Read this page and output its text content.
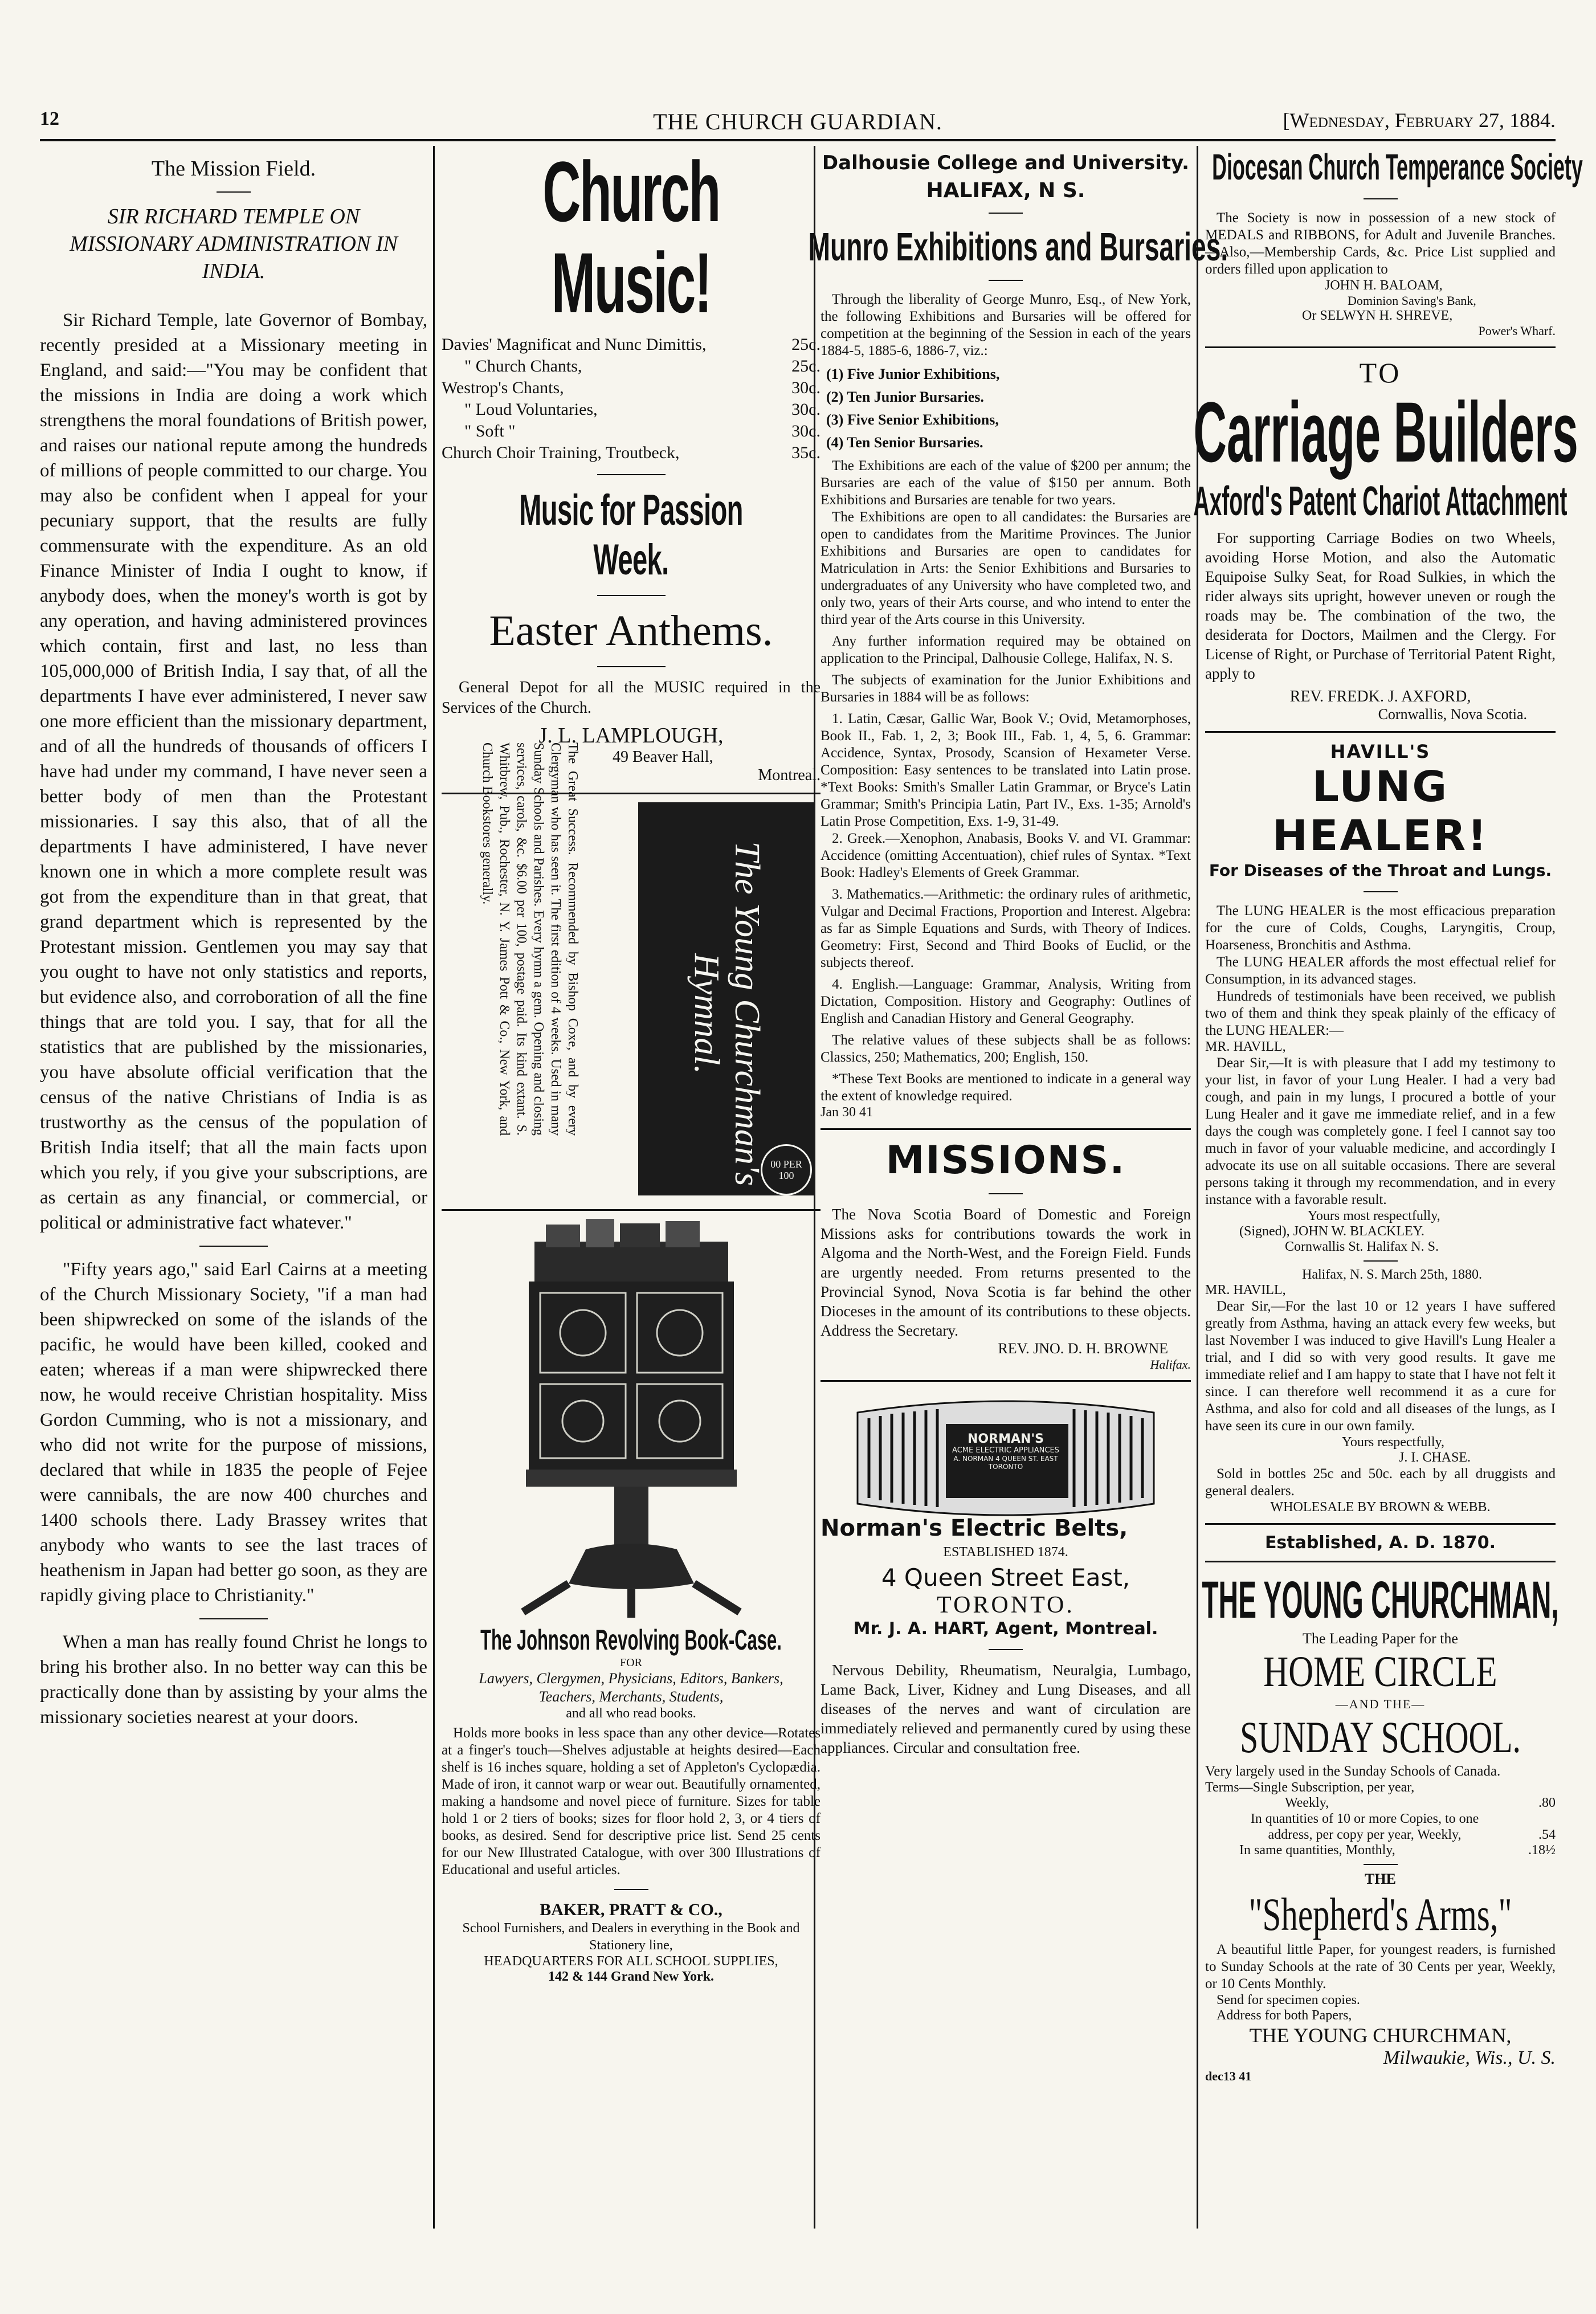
12	THE CHURCH GUARDIAN.	[Wednesday, February 27, 1884.
The Mission Field.
SIR RICHARD TEMPLE ON MISSIONARY ADMINISTRATION IN INDIA.

Sir Richard Temple, late Governor of Bombay, recently presided at a Missionary meeting in England, and said:—"You may be confident that the missions in India are doing a work which strengthens the moral foundations of British power, and raises our national repute among the hundreds of millions of people committed to our charge. You may also be confident when I appeal for your pecuniary support, that the results are fully commensurate with the expenditure. As an old Finance Minister of India I ought to know, if anybody does, when the money's worth is got by any operation, and having administered provinces which contain, first and last, no less than 105,000,000 of British India, I say that, of all the departments I have ever administered, I never saw one more efficient than the missionary department, and of all the hundreds of thousands of officers I have had under my command, I have never seen a better body of men than the Protestant missionaries. I say this also, that of all the departments I have administered, I have never known one in which a more complete result was got from the expenditure than in that great, that grand department which is represented by the Protestant mission. Gentlemen you may say that you ought to have not only statistics and reports, but evidence also, and corroboration of all the fine things that are told you. I say, that for all the statistics that are published by the missionaries, you have absolute official verification that the census of the native Christians of India is as trustworthy as the census of the population of British India itself; that all the main facts upon which you rely, if you give your subscriptions, are as certain as any financial, or commercial, or political or administrative fact whatever."

"Fifty years ago," said Earl Cairns at a meeting of the Church Missionary Society, "if a man had been shipwrecked on some of the islands of the pacific, he would have been killed, cooked and eaten; whereas if a man were shipwrecked there now, he would receive Christian hospitality. Miss Gordon Cumming, who is not a missionary, and who did not write for the purpose of missions, declared that while in 1835 the people of Fejee were cannibals, the are now 400 churches and 1400 schools there. Lady Brassey writes that anybody who wants to see the last traces of heathenism in Japan had better go soon, as they are rapidly giving place to Christianity."

When a man has really found Christ he longs to bring his brother also. In no better way can this be practically done than by assisting by your alms the missionary societies nearest at your doors.

Church Music!
Davies' Magnificat and Nunc Dimittis,	25c.
" Church Chants,	25c.
Westrop's Chants,	30c.
" Loud Voluntaries,	30c.
" Soft "	30c.
Church Choir Training, Troutbeck,	35c.
Music for Passion Week.
Easter Anthems.

General Depot for all the MUSIC required in the Services of the Church.

J. L. LAMPLOUGH,
49 Beaver Hall,
Montreal.
The Young Churchman's Hymnal.
00 PER 100
The Great Success. Recommended by Bishop Coxe, and by every Clergyman who has seen it. The first edition of 4 weeks. Used in many Sunday Schools and Parishes. Every hymn a gem. Opening and closing services, carols, &c. $6.00 per 100, postage paid. Its kind extant. S. Whitbrew, Pub., Rochester, N. Y. James Pott & Co., New York, and Church Bookstores generally.
The Johnson Revolving Book-Case.
FOR
Lawyers, Clergymen, Physicians, Editors, Bankers, Teachers, Merchants, Students,
and all who read books.

Holds more books in less space than any other device—Rotates at a finger's touch—Shelves adjustable at heights desired—Each shelf is 16 inches square, holding a set of Appleton's Cyclopædia. Made of iron, it cannot warp or wear out. Beautifully ornamented, making a handsome and novel piece of furniture. Sizes for table hold 1 or 2 tiers of books; sizes for floor hold 2, 3, or 4 tiers of books, as desired. Send for descriptive price list. Send 25 cents for our New Illustrated Catalogue, with over 300 Illustrations of Educational and useful articles.

BAKER, PRATT & CO.,
School Furnishers, and Dealers in everything in the Book and Stationery line,
HEADQUARTERS FOR ALL SCHOOL SUPPLIES,
142 & 144 Grand New York.
Dalhousie College and University.
HALIFAX, N S.
Munro Exhibitions and Bursaries.

Through the liberality of George Munro, Esq., of New York, the following Exhibitions and Bursaries will be offered for competition at the beginning of the Session in each of the years 1884-5, 1885-6, 1886-7, viz.:

(1) Five Junior Exhibitions,
(2) Ten Junior Bursaries.
(3) Five Senior Exhibitions,
(4) Ten Senior Bursaries.

The Exhibitions are each of the value of $200 per annum; the Bursaries are each of the value of $150 per annum. Both Exhibitions and Bursaries are tenable for two years.

The Exhibitions are open to all candidates: the Bursaries are open to candidates from the Maritime Provinces. The Junior Exhibitions and Bursaries are open to candidates for Matriculation in Arts: the Senior Exhibitions and Bursaries to undergraduates of any University who have completed two, and only two, years of their Arts course, and who intend to enter the third year of the Arts course in this University.

Any further information required may be obtained on application to the Principal, Dalhousie College, Halifax, N. S.

The subjects of examination for the Junior Exhibitions and Bursaries in 1884 will be as follows:

1. Latin, Cæsar, Gallic War, Book V.; Ovid, Metamorphoses, Book II., Fab. 1, 2, 3; Book III., Fab. 1, 4, 5, 6. Grammar: Accidence, Syntax, Prosody, Scansion of Hexameter Verse. Composition: Easy sentences to be translated into Latin prose. *Text Books: Smith's Smaller Latin Grammar, or Bryce's Latin Grammar; Smith's Principia Latin, Part IV., Exs. 1-35; Arnold's Latin Prose Competition, Exs. 1-9, 31-49.

2. Greek.—Xenophon, Anabasis, Books V. and VI. Grammar: Accidence (omitting Accentuation), chief rules of Syntax. *Text Book: Hadley's Elements of Greek Grammar.

3. Mathematics.—Arithmetic: the ordinary rules of arithmetic, Vulgar and Decimal Fractions, Proportion and Interest. Algebra: as far as Simple Equations and Surds, with Theory of Indices. Geometry: First, Second and Third Books of Euclid, or the subjects thereof.

4. English.—Language: Grammar, Analysis, Writing from Dictation, Composition. History and Geography: Outlines of English and Canadian History and General Geography.

The relative values of these subjects shall be as follows: Classics, 250; Mathematics, 200; English, 150.

*These Text Books are mentioned to indicate in a general way the extent of knowledge required.

Jan 30 41
MISSIONS.

The Nova Scotia Board of Domestic and Foreign Missions asks for contributions towards the work in Algoma and the North-West, and the Foreign Field. Funds are urgently needed. From returns presented to the Provincial Synod, Nova Scotia is far behind the other Dioceses in the amount of its contributions to these objects. Address the Secretary.

REV. JNO. D. H. BROWNE
Halifax.
NORMAN'S
ACME ELECTRIC APPLIANCES
A. NORMAN 4 QUEEN ST. EAST
TORONTO
Norman's Electric Belts,
ESTABLISHED 1874.
4 Queen Street East,
TORONTO.
Mr. J. A. HART, Agent, Montreal.

Nervous Debility, Rheumatism, Neuralgia, Lumbago, Lame Back, Liver, Kidney and Lung Diseases, and all diseases of the nerves and want of circulation are immediately relieved and permanently cured by using these appliances. Circular and consultation free.

Diocesan Church Temperance Society

The Society is now in possession of a new stock of MEDALS and RIBBONS, for Adult and Juvenile Branches.—Also,—Membership Cards, &c. Price List supplied and orders filled upon application to

JOHN H. BALOAM,
Dominion Saving's Bank,
Or SELWYN H. SHREVE,
Power's Wharf.
TO
Carriage Builders
Axford's Patent Chariot Attachment

For supporting Carriage Bodies on two Wheels, avoiding Horse Motion, and also the Automatic Equipoise Sulky Seat, for Road Sulkies, in which the rider always sits upright, however uneven or rough the roads may be. The combination of the two, the desiderata for Doctors, Mailmen and the Clergy. For License of Right, or Purchase of Territorial Patent Right, apply to

REV. FREDK. J. AXFORD,
Cornwallis, Nova Scotia.
HAVILL'S
LUNG HEALER!
For Diseases of the Throat and Lungs.

The LUNG HEALER is the most efficacious preparation for the cure of Colds, Coughs, Laryngitis, Croup, Hoarseness, Bronchitis and Asthma.

The LUNG HEALER affords the most effectual relief for Consumption, in its advanced stages.

Hundreds of testimonials have been received, we publish two of them and think they speak plainly of the efficacy of the LUNG HEALER:—

MR. HAVILL,

Dear Sir,—It is with pleasure that I add my testimony to your list, in favor of your Lung Healer. I had a very bad cough, and pain in my lungs, I procured a bottle of your Lung Healer and it gave me immediate relief, and in a few days the cough was completely gone. I feel I cannot say too much in favor of your valuable medicine, and accordingly I advocate its use on all suitable occasions. There are several persons taking it through my recommendation, and in every instance with a favorable result.

Yours most respectfully,
(Signed), JOHN W. BLACKLEY.
Cornwallis St. Halifax N. S.
Halifax, N. S. March 25th, 1880.
MR. HAVILL,

Dear Sir,—For the last 10 or 12 years I have suffered greatly from Asthma, having an attack every few weeks, but last November I was induced to give Havill's Lung Healer a trial, and I did so with very good results. It gave me immediate relief and I am happy to state that I have not felt it since. I can therefore well recommend it as a cure for Asthma, and also for cold and all diseases of the lungs, as I have seen its cure in our own family.

Yours respectfully,
J. I. CHASE.

Sold in bottles 25c and 50c. each by all druggists and general dealers.

WHOLESALE BY BROWN & WEBB.
Established, A. D. 1870.
THE YOUNG CHURCHMAN,
The Leading Paper for the
HOME CIRCLE
—AND THE—
SUNDAY SCHOOL.

Very largely used in the Sunday Schools of Canada.

Terms—Single Subscription, per year,
Weekly,	.80
In quantities of 10 or more Copies, to one address, per copy per year, Weekly,	.54
In same quantities, Monthly,	.18½
THE
"Shepherd's Arms,"

A beautiful little Paper, for youngest readers, is furnished to Sunday Schools at the rate of 30 Cents per year, Weekly, or 10 Cents Monthly.

Send for specimen copies.
Address for both Papers,
THE YOUNG CHURCHMAN,
Milwaukie, Wis., U. S.
dec13 41
